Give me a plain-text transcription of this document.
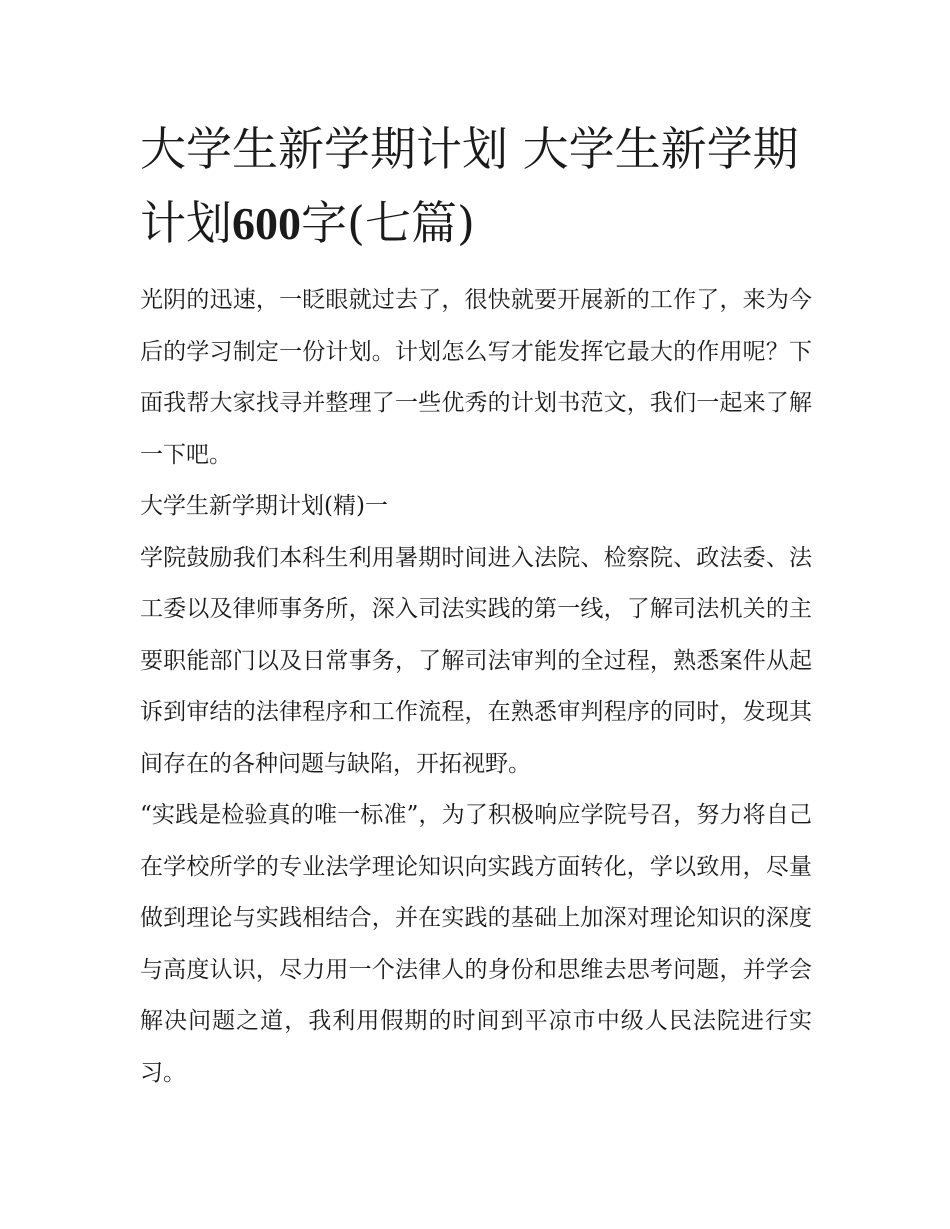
大学生新学期计划 大学生新学期计划600字(七篇)

光阴的迅速，一眨眼就过去了，很快就要开展新的工作了，来为今后的学习制定一份计划。计划怎么写才能发挥它最大的作用呢？下面我帮大家找寻并整理了一些优秀的计划书范文，我们一起来了解一下吧。

大学生新学期计划(精)一

学院鼓励我们本科生利用暑期时间进入法院、检察院、政法委、法工委以及律师事务所，深入司法实践的第一线，了解司法机关的主要职能部门以及日常事务，了解司法审判的全过程，熟悉案件从起诉到审结的法律程序和工作流程，在熟悉审判程序的同时，发现其间存在的各种问题与缺陷，开拓视野。

“实践是检验真的唯一标准”，为了积极响应学院号召，努力将自己在学校所学的专业法学理论知识向实践方面转化，学以致用，尽量做到理论与实践相结合，并在实践的基础上加深对理论知识的深度与高度认识，尽力用一个法律人的身份和思维去思考问题，并学会解决问题之道，我利用假期的时间到平凉市中级人民法院进行实习。
